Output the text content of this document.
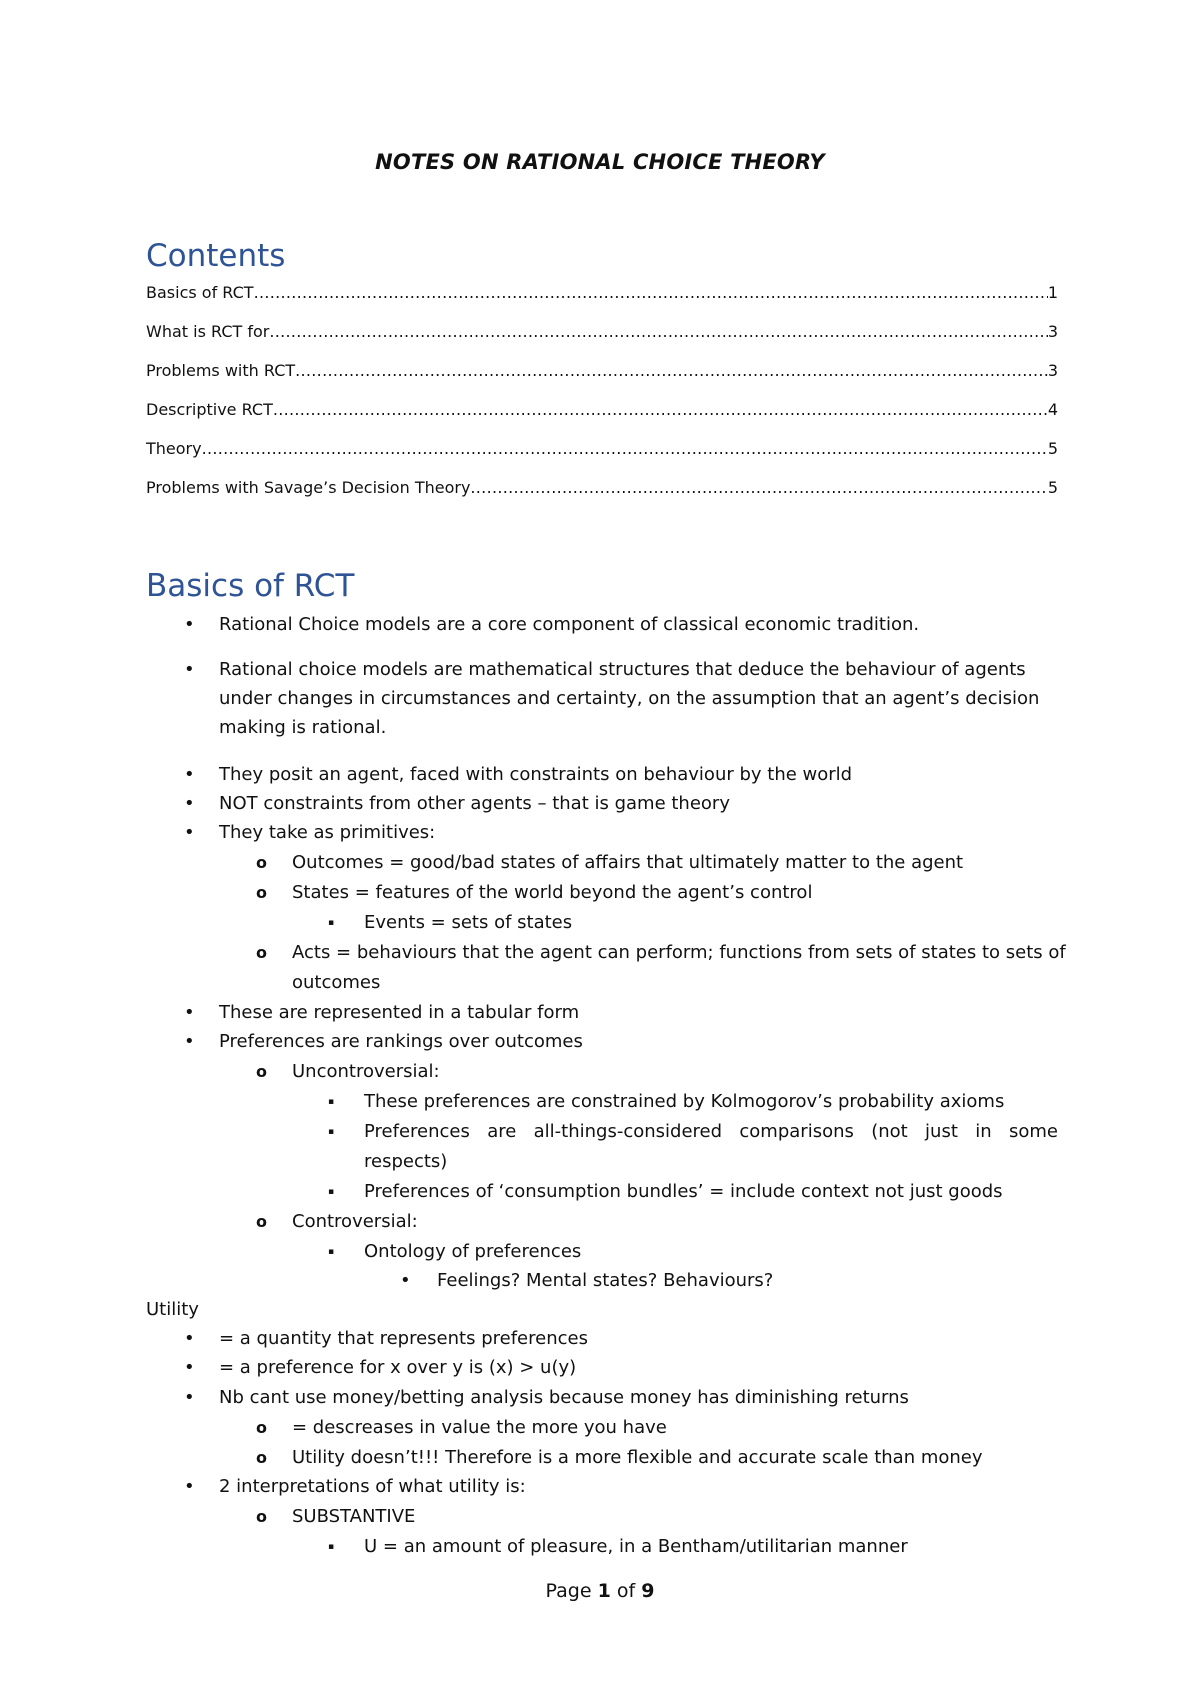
NOTES ON RATIONAL CHOICE THEORY
Contents
Basics of RCT .....	1
What is RCT for .....	3
Problems with RCT .....	3
Descriptive RCT .....	4
Theory .....	5
Problems with Savage’s Decision Theory .....	5
Basics of RCT
• Rational Choice models are a core component of classical economic tradition.
• Rational choice models are mathematical structures that deduce the behaviour of agents
under changes in circumstances and certainty, on the assumption that an agent’s decision
making is rational.
• They posit an agent, faced with constraints on behaviour by the world
• NOT constraints from other agents – that is game theory
• They take as primitives:
o Outcomes = good/bad states of affairs that ultimately matter to the agent
o States = features of the world beyond the agent’s control
▪ Events = sets of states
o Acts = behaviours that the agent can perform; functions from sets of states to sets of
outcomes
• These are represented in a tabular form
• Preferences are rankings over outcomes
o Uncontroversial:
▪ These preferences are constrained by Kolmogorov’s probability axioms
▪ Preferences are all-things-considered comparisons (not just in some
respects)
▪ Preferences of ‘consumption bundles’ = include context not just goods
o Controversial:
▪ Ontology of preferences
• Feelings? Mental states? Behaviours?
Utility
• = a quantity that represents preferences
• = a preference for x over y is (x) > u(y)
• Nb cant use money/betting analysis because money has diminishing returns
o = descreases in value the more you have
o Utility doesn’t!!! Therefore is a more flexible and accurate scale than money
• 2 interpretations of what utility is:
o SUBSTANTIVE
▪ U = an amount of pleasure, in a Bentham/utilitarian manner
Page 1 of 9
